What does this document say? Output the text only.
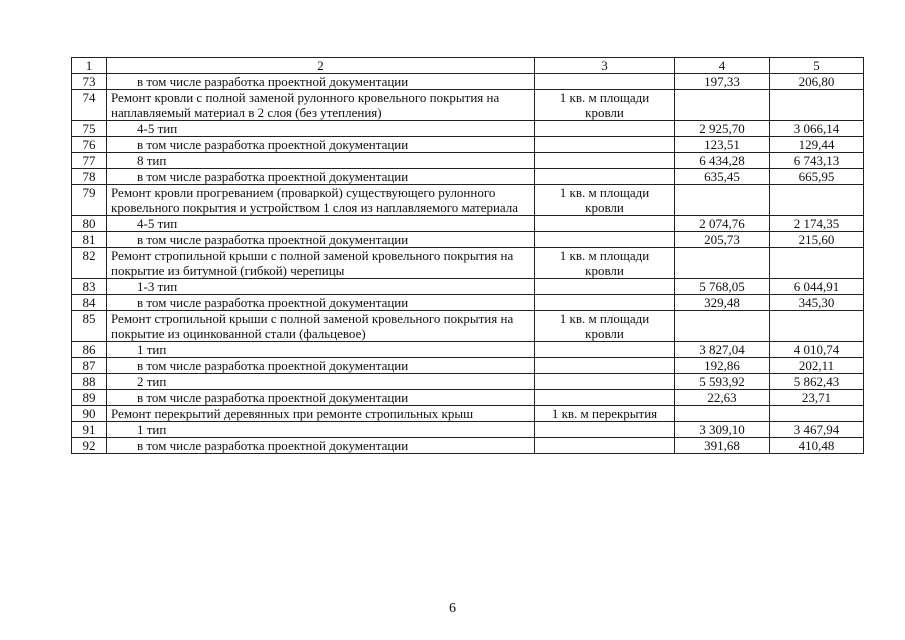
1	2	3	4	5
73	в том числе разработка проектной документации		197,33	206,80
74	Ремонт кровли с полной заменой рулонного кровельного покрытия на наплавляемый материал в 2 слоя (без утепления)	1 кв. м площади кровли		
75	4-5 тип		2 925,70	3 066,14
76	в том числе разработка проектной документации		123,51	129,44
77	8 тип		6 434,28	6 743,13
78	в том числе разработка проектной документации		635,45	665,95
79	Ремонт кровли прогреванием (проваркой) существующего рулонного кровельного покрытия и устройством 1 слоя из наплавляемого материала	1 кв. м площади кровли		
80	4-5 тип		2 074,76	2 174,35
81	в том числе разработка проектной документации		205,73	215,60
82	Ремонт стропильной крыши с полной заменой кровельного покрытия на покрытие из битумной (гибкой) черепицы	1 кв. м площади кровли		
83	1-3 тип		5 768,05	6 044,91
84	в том числе разработка проектной документации		329,48	345,30
85	Ремонт стропильной крыши с полной заменой кровельного покрытия на покрытие из оцинкованной стали (фальцевое)	1 кв. м площади кровли		
86	1 тип		3 827,04	4 010,74
87	в том числе разработка проектной документации		192,86	202,11
88	2 тип		5 593,92	5 862,43
89	в том числе разработка проектной документации		22,63	23,71
90	Ремонт перекрытий деревянных при ремонте стропильных крыш	1 кв. м перекрытия		
91	1 тип		3 309,10	3 467,94
92	в том числе разработка проектной документации		391,68	410,48
6
